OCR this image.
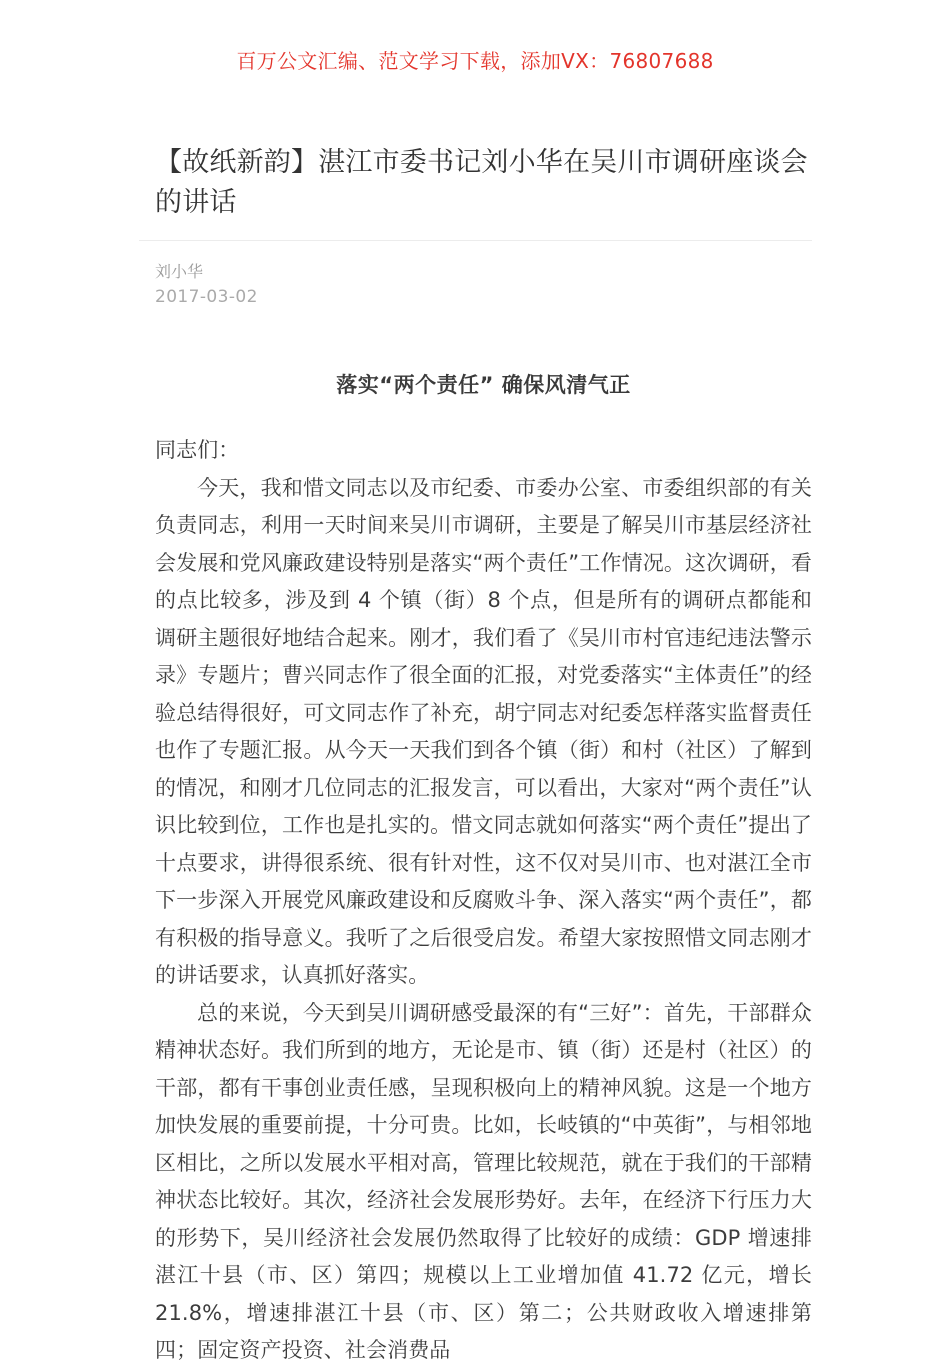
百万公文汇编、范文学习下载，添加VX：76807688
【故纸新韵】湛江市委书记刘小华在吴川市调研座谈会的讲话
刘小华
2017-03-02
落实“两个责任” 确保风清气正

同志们：

今天，我和惜文同志以及市纪委、市委办公室、市委组织部的有关负责同志，利用一天时间来吴川市调研，主要是了解吴川市基层经济社会发展和党风廉政建设特别是落实“两个责任”工作情况。这次调研，看的点比较多，涉及到 4 个镇（街）8 个点，但是所有的调研点都能和调研主题很好地结合起来。刚才，我们看了《吴川市村官违纪违法警示录》专题片；曹兴同志作了很全面的汇报，对党委落实“主体责任”的经验总结得很好，可文同志作了补充，胡宁同志对纪委怎样落实监督责任也作了专题汇报。从今天一天我们到各个镇（街）和村（社区）了解到的情况，和刚才几位同志的汇报发言，可以看出，大家对“两个责任”认识比较到位，工作也是扎实的。惜文同志就如何落实“两个责任”提出了十点要求，讲得很系统、很有针对性，这不仅对吴川市、也对湛江全市下一步深入开展党风廉政建设和反腐败斗争、深入落实“两个责任”，都有积极的指导意义。我听了之后很受启发。希望大家按照惜文同志刚才的讲话要求，认真抓好落实。

总的来说，今天到吴川调研感受最深的有“三好”：首先，干部群众精神状态好。我们所到的地方，无论是市、镇（街）还是村（社区）的干部，都有干事创业责任感，呈现积极向上的精神风貌。这是一个地方加快发展的重要前提，十分可贵。比如，长岐镇的“中英街”，与相邻地区相比，之所以发展水平相对高，管理比较规范，就在于我们的干部精神状态比较好。其次，经济社会发展形势好。去年，在经济下行压力大的形势下，吴川经济社会发展仍然取得了比较好的成绩：GDP 增速排湛江十县（市、区）第四；规模以上工业增加值 41.72 亿元，增长 21.8%，增速排湛江十县（市、区）第二；公共财政收入增速排第四；固定资产投资、社会消费品
